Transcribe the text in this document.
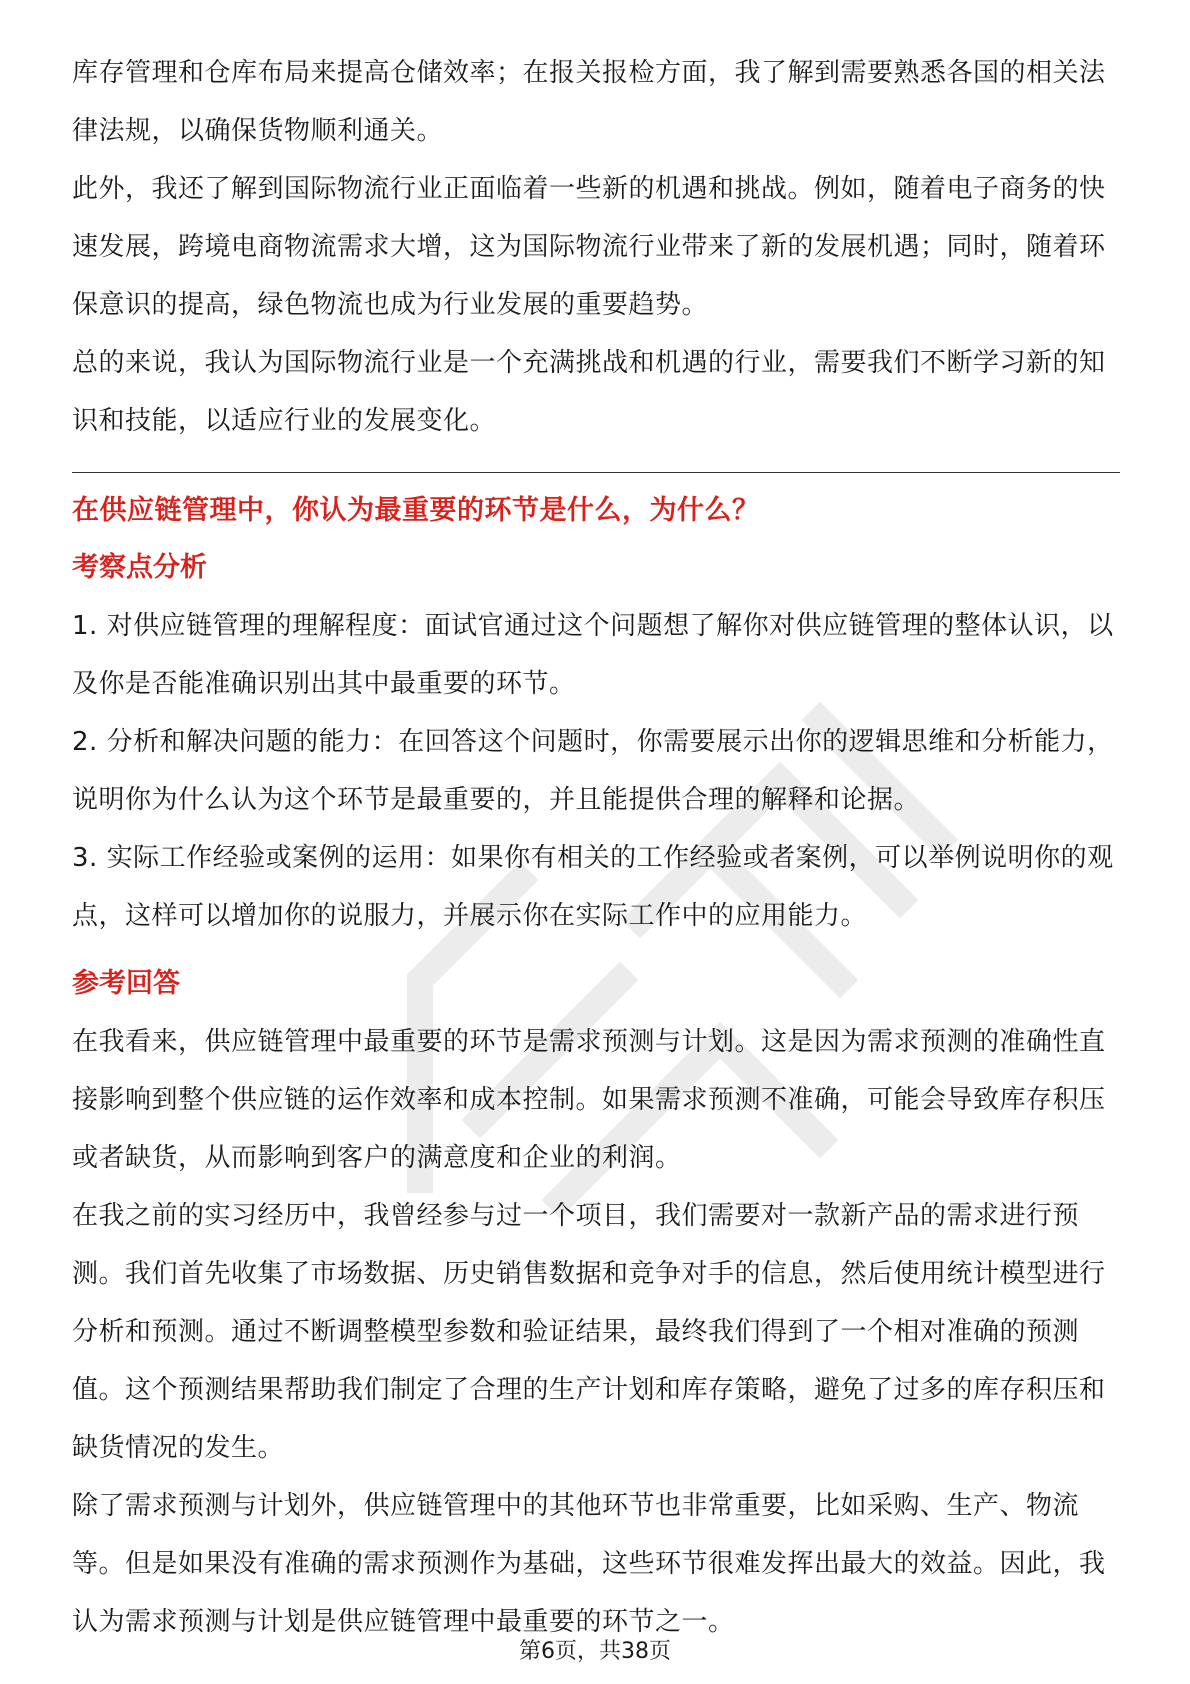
库存管理和仓库布局来提高仓储效率；在报关报检方面，我了解到需要熟悉各国的相关法律法规，以确保货物顺利通关。

此外，我还了解到国际物流行业正面临着一些新的机遇和挑战。例如，随着电子商务的快速发展，跨境电商物流需求大增，这为国际物流行业带来了新的发展机遇；同时，随着环保意识的提高，绿色物流也成为行业发展的重要趋势。

总的来说，我认为国际物流行业是一个充满挑战和机遇的行业，需要我们不断学习新的知识和技能，以适应行业的发展变化。

在供应链管理中，你认为最重要的环节是什么，为什么？

考察点分析

1. 对供应链管理的理解程度：面试官通过这个问题想了解你对供应链管理的整体认识，以及你是否能准确识别出其中最重要的环节。

2. 分析和解决问题的能力：在回答这个问题时，你需要展示出你的逻辑思维和分析能力，说明你为什么认为这个环节是最重要的，并且能提供合理的解释和论据。

3. 实际工作经验或案例的运用：如果你有相关的工作经验或者案例，可以举例说明你的观点，这样可以增加你的说服力，并展示你在实际工作中的应用能力。

参考回答

在我看来，供应链管理中最重要的环节是需求预测与计划。这是因为需求预测的准确性直接影响到整个供应链的运作效率和成本控制。如果需求预测不准确，可能会导致库存积压或者缺货，从而影响到客户的满意度和企业的利润。

在我之前的实习经历中，我曾经参与过一个项目，我们需要对一款新产品的需求进行预测。我们首先收集了市场数据、历史销售数据和竞争对手的信息，然后使用统计模型进行分析和预测。通过不断调整模型参数和验证结果，最终我们得到了一个相对准确的预测值。这个预测结果帮助我们制定了合理的生产计划和库存策略，避免了过多的库存积压和缺货情况的发生。

除了需求预测与计划外，供应链管理中的其他环节也非常重要，比如采购、生产、物流等。但是如果没有准确的需求预测作为基础，这些环节很难发挥出最大的效益。因此，我认为需求预测与计划是供应链管理中最重要的环节之一。

第6页，共38页
